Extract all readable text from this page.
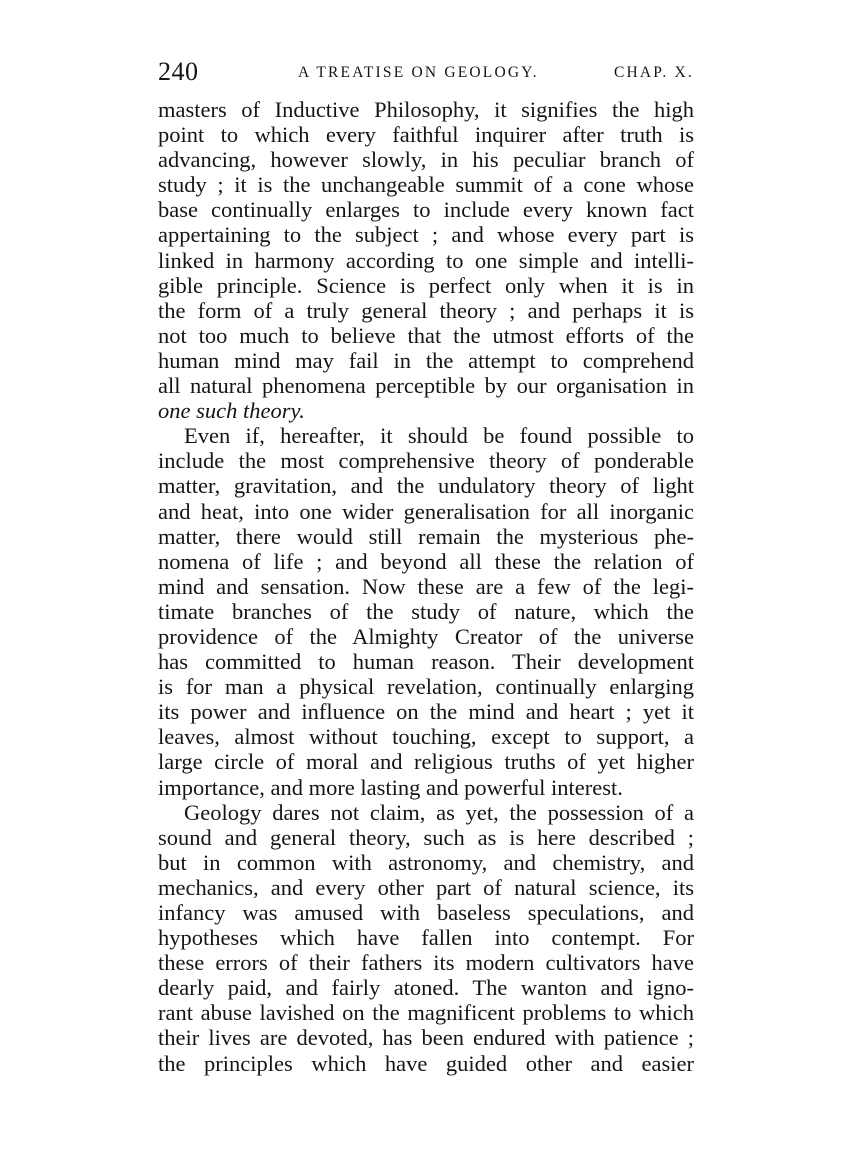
240	A TREATISE ON GEOLOGY.	CHAP. X.
masters of Inductive Philosophy, it signifies the high
point to which every faithful inquirer after truth is
advancing, however slowly, in his peculiar branch of
study ; it is the unchangeable summit of a cone whose
base continually enlarges to include every known fact
appertaining to the subject ; and whose every part is
linked in harmony according to one simple and intelli-
gible principle. Science is perfect only when it is in
the form of a truly general theory ; and perhaps it is
not too much to believe that the utmost efforts of the
human mind may fail in the attempt to comprehend
all natural phenomena perceptible by our organisation in
one such theory.
Even if, hereafter, it should be found possible to
include the most comprehensive theory of ponderable
matter, gravitation, and the undulatory theory of light
and heat, into one wider generalisation for all inorganic
matter, there would still remain the mysterious phe-
nomena of life ; and beyond all these the relation of
mind and sensation. Now these are a few of the legi-
timate branches of the study of nature, which the
providence of the Almighty Creator of the universe
has committed to human reason. Their development
is for man a physical revelation, continually enlarging
its power and influence on the mind and heart ; yet it
leaves, almost without touching, except to support, a
large circle of moral and religious truths of yet higher
importance, and more lasting and powerful interest.
Geology dares not claim, as yet, the possession of a
sound and general theory, such as is here described ;
but in common with astronomy, and chemistry, and
mechanics, and every other part of natural science, its
infancy was amused with baseless speculations, and
hypotheses which have fallen into contempt. For
these errors of their fathers its modern cultivators have
dearly paid, and fairly atoned. The wanton and igno-
rant abuse lavished on the magnificent problems to which
their lives are devoted, has been endured with patience ;
the principles which have guided other and easier
